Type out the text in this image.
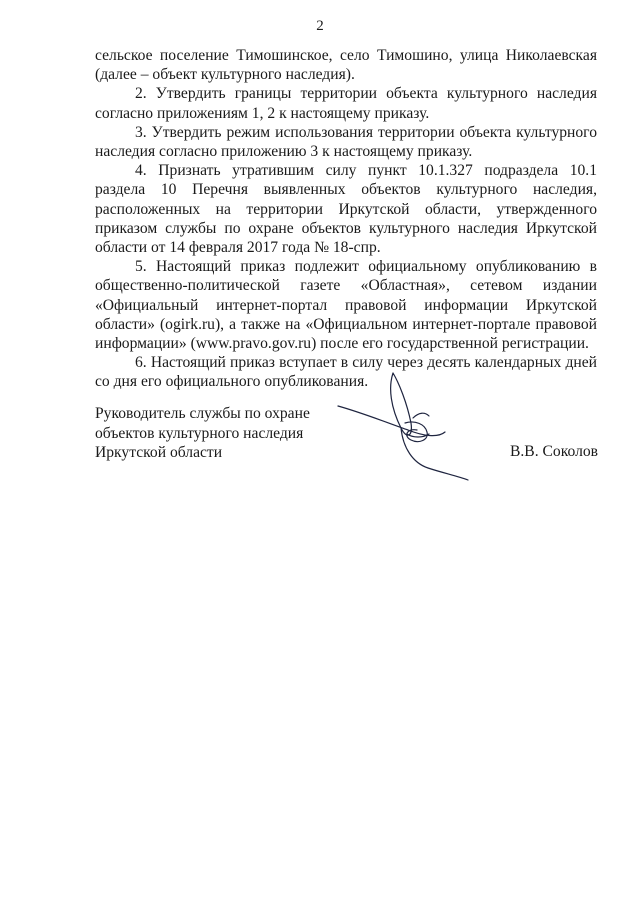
2

сельское поселение Тимошинское, село Тимошино, улица Николаевская (далее – объект культурного наследия).

2. Утвердить границы территории объекта культурного наследия согласно приложениям 1, 2 к настоящему приказу.

3. Утвердить режим использования территории объекта культурного наследия согласно приложению 3 к настоящему приказу.

4. Признать утратившим силу пункт 10.1.327 подраздела 10.1 раздела 10 Перечня выявленных объектов культурного наследия, расположенных на территории Иркутской области, утвержденного приказом службы по охране объектов культурного наследия Иркутской области от 14 февраля 2017 года № 18-спр.

5. Настоящий приказ подлежит официальному опубликованию в общественно-политической газете «Областная», сетевом издании «Официальный интернет-портал правовой информации Иркутской области» (ogirk.ru), а также на «Официальном интернет-портале правовой информации» (www.pravo.gov.ru) после его государственной регистрации.

6. Настоящий приказ вступает в силу через десять календарных дней со дня его официального опубликования.

Руководитель службы по охране
объектов культурного наследия
Иркутской области	В.В. Соколов
